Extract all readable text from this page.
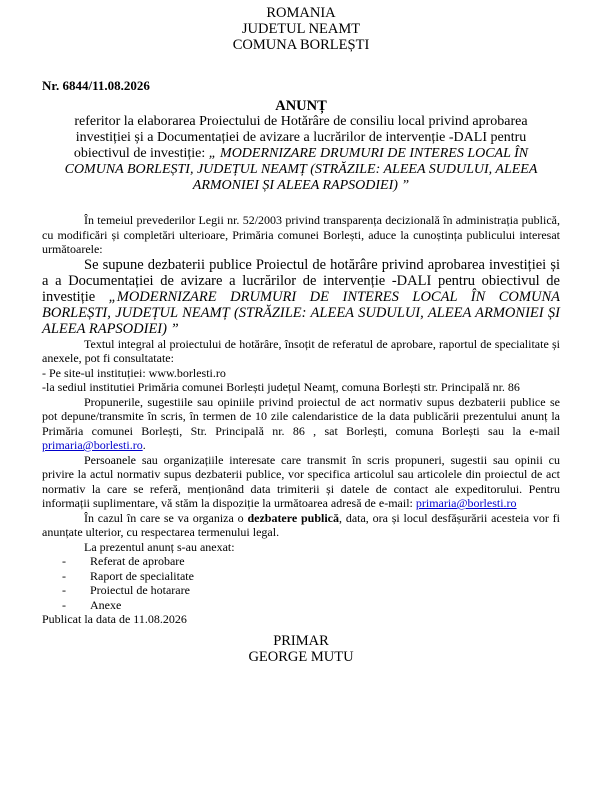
ROMANIA
JUDETUL NEAMT
COMUNA BORLEȘTI
Nr. 6844/11.08.2026
ANUNȚ

referitor la elaborarea Proiectului de Hotărâre de consiliu local privind aprobarea investiției și a Documentației de avizare a lucrărilor de intervenție -DALI pentru obiectivul de investiție: „ MODERNIZARE DRUMURI DE INTERES LOCAL ÎN COMUNA BORLEȘTI, JUDEȚUL NEAMȚ (STRĂZILE: ALEEA SUDULUI, ALEEA ARMONIEI ȘI ALEEA RAPSODIEI) ”

În temeiul prevederilor Legii nr. 52/2003 privind transparența decizională în administrația publică, cu modificări și completări ulterioare, Primăria comunei Borlești, aduce la cunoștința publicului interesat următoarele:

Se supune dezbaterii publice Proiectul de hotărâre privind aprobarea investiției și a a Documentației de avizare a lucrărilor de intervenție -DALI pentru obiectivul de investiție „MODERNIZARE DRUMURI DE INTERES LOCAL ÎN COMUNA BORLEȘTI, JUDEȚUL NEAMȚ (STRĂZILE: ALEEA SUDULUI, ALEEA ARMONIEI ȘI ALEEA RAPSODIEI) ”

Textul integral al proiectului de hotărâre, însoțit de referatul de aprobare, raportul de specialitate și anexele, pot fi consultatate:

- Pe site-ul instituției: www.borlesti.ro

-la sediul institutiei Primăria comunei Borlești județul Neamț, comuna Borlești str. Principală nr. 86

Propunerile, sugestiile sau opiniile privind proiectul de act normativ supus dezbaterii publice se pot depune/transmite în scris, în termen de 10 zile calendaristice de la data publicării prezentului anunț la Primăria comunei Borlești, Str. Principală nr. 86 , sat Borlești, comuna Borlești sau la e-mail primaria@borlesti.ro.

Persoanele sau organizațiile interesate care transmit în scris propuneri, sugestii sau opinii cu privire la actul normativ supus dezbaterii publice, vor specifica articolul sau articolele din proiectul de act normativ la care se referă, menționând data trimiterii și datele de contact ale expeditorului. Pentru informații suplimentare, vă stăm la dispoziție la următoarea adresă de e-mail: primaria@borlesti.ro

În cazul în care se va organiza o dezbatere publică, data, ora și locul desfășurării acesteia vor fi anunțate ulterior, cu respectarea termenului legal.

La prezentul anunț s-au anexat:

- Referat de aprobare
- Raport de specialitate
- Proiectul de hotarare
- Anexe

Publicat la data de 11.08.2026

PRIMAR
GEORGE MUTU
